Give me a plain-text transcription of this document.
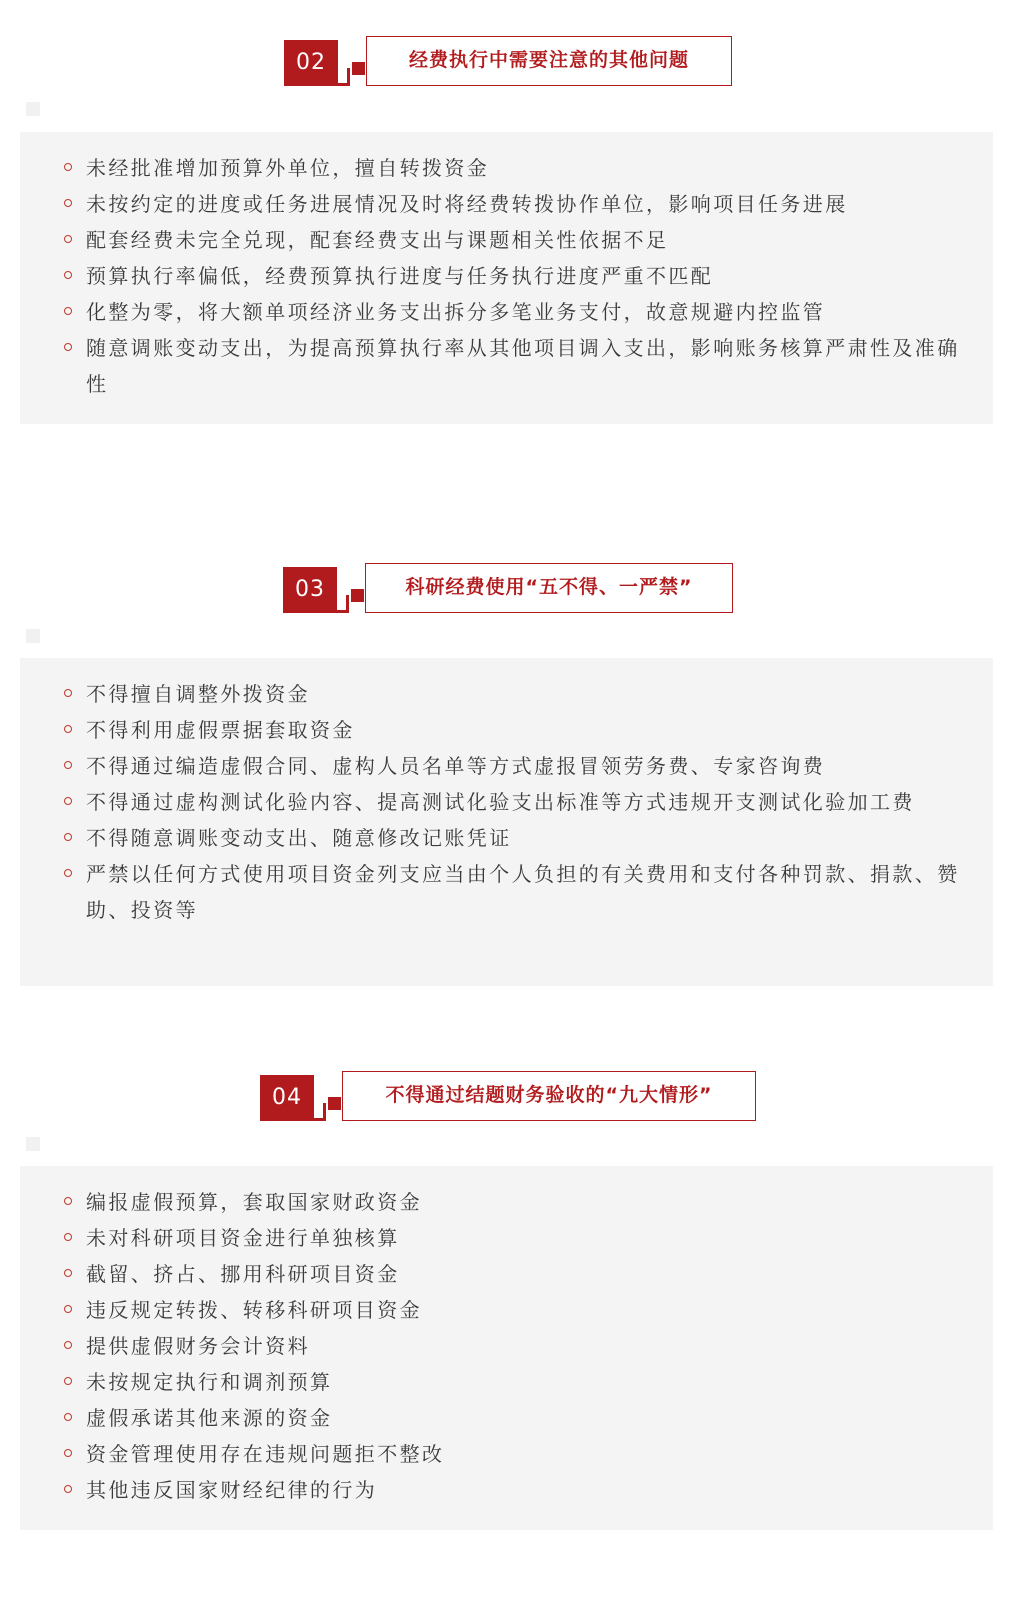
02	经费执行中需要注意的其他问题
未经批准增加预算外单位，擅自转拨资金
未按约定的进度或任务进展情况及时将经费转拨协作单位，影响项目任务进展
配套经费未完全兑现，配套经费支出与课题相关性依据不足
预算执行率偏低，经费预算执行进度与任务执行进度严重不匹配
化整为零，将大额单项经济业务支出拆分多笔业务支付，故意规避内控监管
随意调账变动支出，为提高预算执行率从其他项目调入支出，影响账务核算严肃性及准确性
03	科研经费使用“五不得、一严禁”
不得擅自调整外拨资金
不得利用虚假票据套取资金
不得通过编造虚假合同、虚构人员名单等方式虚报冒领劳务费、专家咨询费
不得通过虚构测试化验内容、提高测试化验支出标准等方式违规开支测试化验加工费
不得随意调账变动支出、随意修改记账凭证
严禁以任何方式使用项目资金列支应当由个人负担的有关费用和支付各种罚款、捐款、赞助、投资等
04	不得通过结题财务验收的“九大情形”
编报虚假预算，套取国家财政资金
未对科研项目资金进行单独核算
截留、挤占、挪用科研项目资金
违反规定转拨、转移科研项目资金
提供虚假财务会计资料
未按规定执行和调剂预算
虚假承诺其他来源的资金
资金管理使用存在违规问题拒不整改
其他违反国家财经纪律的行为
